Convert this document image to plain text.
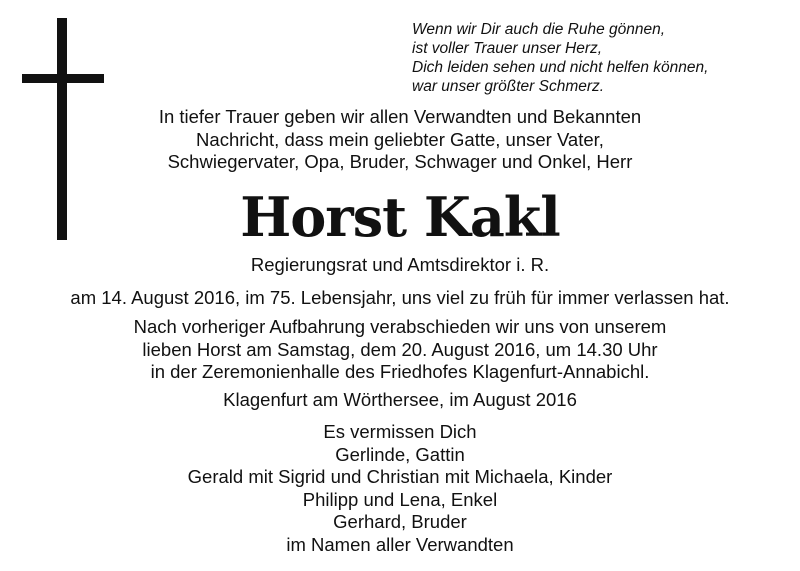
Wenn wir Dir auch die Ruhe gönnen,
ist voller Trauer unser Herz,
Dich leiden sehen und nicht helfen können,
war unser größter Schmerz.
In tiefer Trauer geben wir allen Verwandten und Bekannten
Nachricht, dass mein geliebter Gatte, unser Vater,
Schwiegervater, Opa, Bruder, Schwager und Onkel, Herr
Horst Kakl
Regierungsrat und Amtsdirektor i. R.
am 14. August 2016, im 75. Lebensjahr, uns viel zu früh für immer verlassen hat.
Nach vorheriger Aufbahrung verabschieden wir uns von unserem
lieben Horst am Samstag, dem 20. August 2016, um 14.30 Uhr
in der Zeremonienhalle des Friedhofes Klagenfurt-Annabichl.
Klagenfurt am Wörthersee, im August 2016
Es vermissen Dich
Gerlinde, Gattin
Gerald mit Sigrid und Christian mit Michaela, Kinder
Philipp und Lena, Enkel
Gerhard, Bruder
im Namen aller Verwandten
